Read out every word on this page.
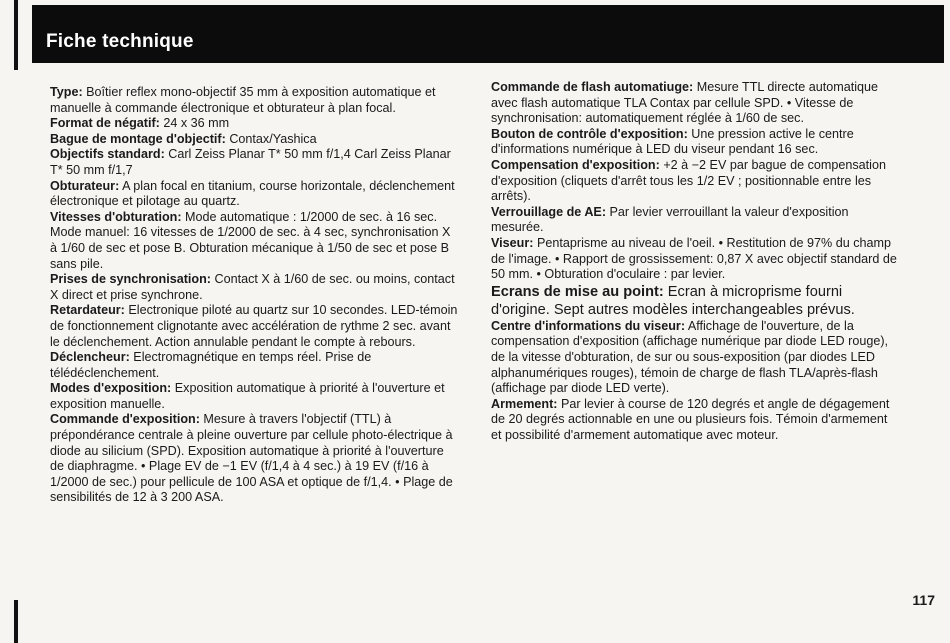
Fiche technique

Type: Boîtier reflex mono-objectif 35 mm à exposition automatique et manuelle à commande électronique et obturateur à plan focal.

Format de négatif: 24 x 36 mm

Bague de montage d'objectif: Contax/Yashica

Objectifs standard: Carl Zeiss Planar T* 50 mm f/1,4 Carl Zeiss Planar T* 50 mm f/1,7

Obturateur: A plan focal en titanium, course horizontale, déclenchement électronique et pilotage au quartz.

Vitesses d'obturation: Mode automatique : 1/2000 de sec. à 16 sec. Mode manuel: 16 vitesses de 1/2000 de sec. à 4 sec, synchronisation X à 1/60 de sec et pose B. Obturation mécanique à 1/50 de sec et pose B sans pile.

Prises de synchronisation: Contact X à 1/60 de sec. ou moins, contact X direct et prise synchrone.

Retardateur: Electronique piloté au quartz sur 10 secondes. LED-témoin de fonctionnement clignotante avec accélération de rythme 2 sec. avant le déclenchement. Action annulable pendant le compte à rebours.

Déclencheur: Electromagnétique en temps réel. Prise de télédéclenchement.

Modes d'exposition: Exposition automatique à priorité à l'ouverture et exposition manuelle.

Commande d'exposition: Mesure à travers l'objectif (TTL) à prépondérance centrale à pleine ouverture par cellule photo-électrique à diode au silicium (SPD). Exposition automatique à priorité à l'ouverture de diaphragme. • Plage EV de −1 EV (f/1,4 à 4 sec.) à 19 EV (f/16 à 1/2000 de sec.) pour pellicule de 100 ASA et optique de f/1,4. • Plage de sensibilités de 12 à 3 200 ASA.

Commande de flash automatiuge: Mesure TTL directe automatique avec flash automatique TLA Contax par cellule SPD. • Vitesse de synchronisation: automatiquement réglée à 1/60 de sec.

Bouton de contrôle d'exposition: Une pression active le centre d'informations numérique à LED du viseur pendant 16 sec.

Compensation d'exposition: +2 à −2 EV par bague de compensation d'exposition (cliquets d'arrêt tous les 1/2 EV ; positionnable entre les arrêts).

Verrouillage de AE: Par levier verrouillant la valeur d'exposition mesurée.

Viseur: Pentaprisme au niveau de l'oeil. • Restitution de 97% du champ de l'image. • Rapport de grossissement: 0,87 X avec objectif standard de 50 mm. • Obturation d'oculaire : par levier.

Ecrans de mise au point: Ecran à microprisme fourni d'origine. Sept autres modèles interchangeables prévus.

Centre d'informations du viseur: Affichage de l'ouverture, de la compensation d'exposition (affichage numérique par diode LED rouge), de la vitesse d'obturation, de sur ou sous-exposition (par diodes LED alphanumériques rouges), témoin de charge de flash TLA/après-flash (affichage par diode LED verte).

Armement: Par levier à course de 120 degrés et angle de dégagement de 20 degrés actionnable en une ou plusieurs fois. Témoin d'armement et possibilité d'armement automatique avec moteur.

117
